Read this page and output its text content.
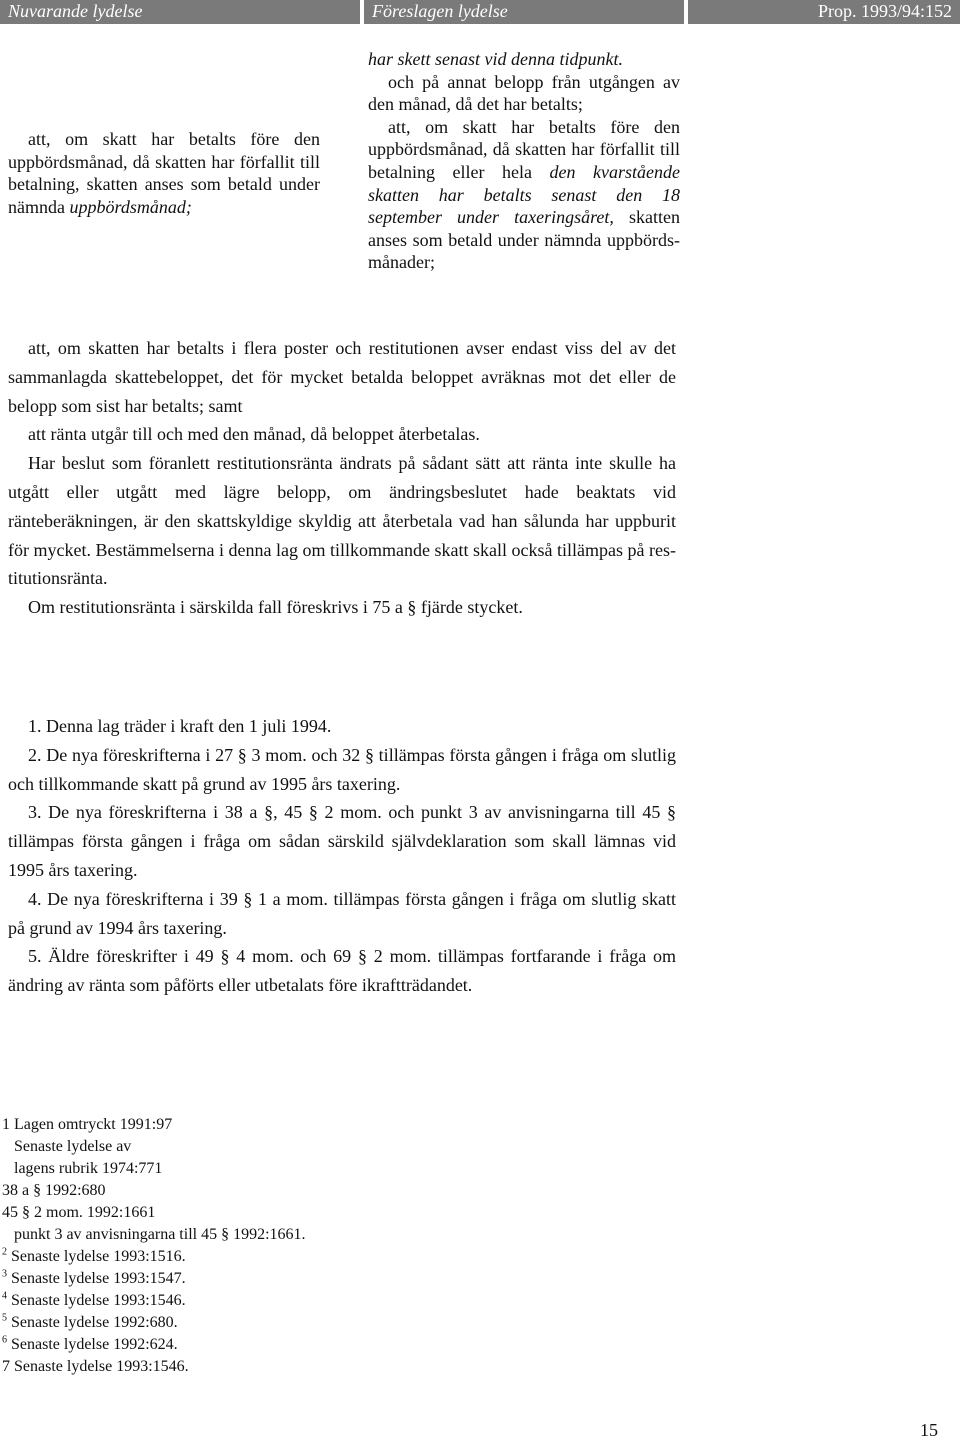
Nuvarande lydelse	Föreslagen lydelse	Prop. 1993/94:152

att, om skatt har betalts före den uppbördsmånad, då skatten har förfallit till betalning, skatten anses som betald under nämnda uppbördsmånad;

har skett senast vid denna tidpunkt.

och på annat belopp från utgången av den månad, då det har betalts;

att, om skatt har betalts före den uppbördsmånad, då skatten har förfallit till betalning eller hela den kvarstående skatten har betalts senast den 18 september under taxeringsåret, skatten anses som betald under nämnda uppbörds-månader;

att, om skatten har betalts i flera poster och restitutionen avser endast viss del av det sammanlagda skattebeloppet, det för mycket betalda beloppet avräknas mot det eller de belopp som sist har betalts; samt

att ränta utgår till och med den månad, då beloppet återbetalas.

Har beslut som föranlett restitutionsränta ändrats på sådant sätt att ränta inte skulle ha utgått eller utgått med lägre belopp, om ändringsbeslutet hade beaktats vid ränteberäkningen, är den skattskyldige skyldig att återbetala vad han sålunda har uppburit för mycket. Bestämmelserna i denna lag om tillkommande skatt skall också tillämpas på res-titutionsränta.

Om restitutionsränta i särskilda fall föreskrivs i 75 a § fjärde stycket.

1. Denna lag träder i kraft den 1 juli 1994.

2. De nya föreskrifterna i 27 § 3 mom. och 32 § tillämpas första gången i fråga om slutlig och tillkommande skatt på grund av 1995 års taxering.

3. De nya föreskrifterna i 38 a §, 45 § 2 mom. och punkt 3 av anvisningarna till 45 § tillämpas första gången i fråga om sådan särskild självdeklaration som skall lämnas vid 1995 års taxering.

4. De nya föreskrifterna i 39 § 1 a mom. tillämpas första gången i fråga om slutlig skatt på grund av 1994 års taxering.

5. Äldre föreskrifter i 49 § 4 mom. och 69 § 2 mom. tillämpas fortfarande i fråga om ändring av ränta som påförts eller utbetalats före ikraftträdandet.

1 Lagen omtryckt 1991:97

Senaste lydelse av

lagens rubrik 1974:771

38 a § 1992:680

45 § 2 mom. 1992:1661

punkt 3 av anvisningarna till 45 § 1992:1661.

$^2$ Senaste lydelse 1993:1516.

$^3$ Senaste lydelse 1993:1547.

$^4$ Senaste lydelse 1993:1546.

$^5$ Senaste lydelse 1992:680.

$^6$ Senaste lydelse 1992:624.

7 Senaste lydelse 1993:1546.

15
